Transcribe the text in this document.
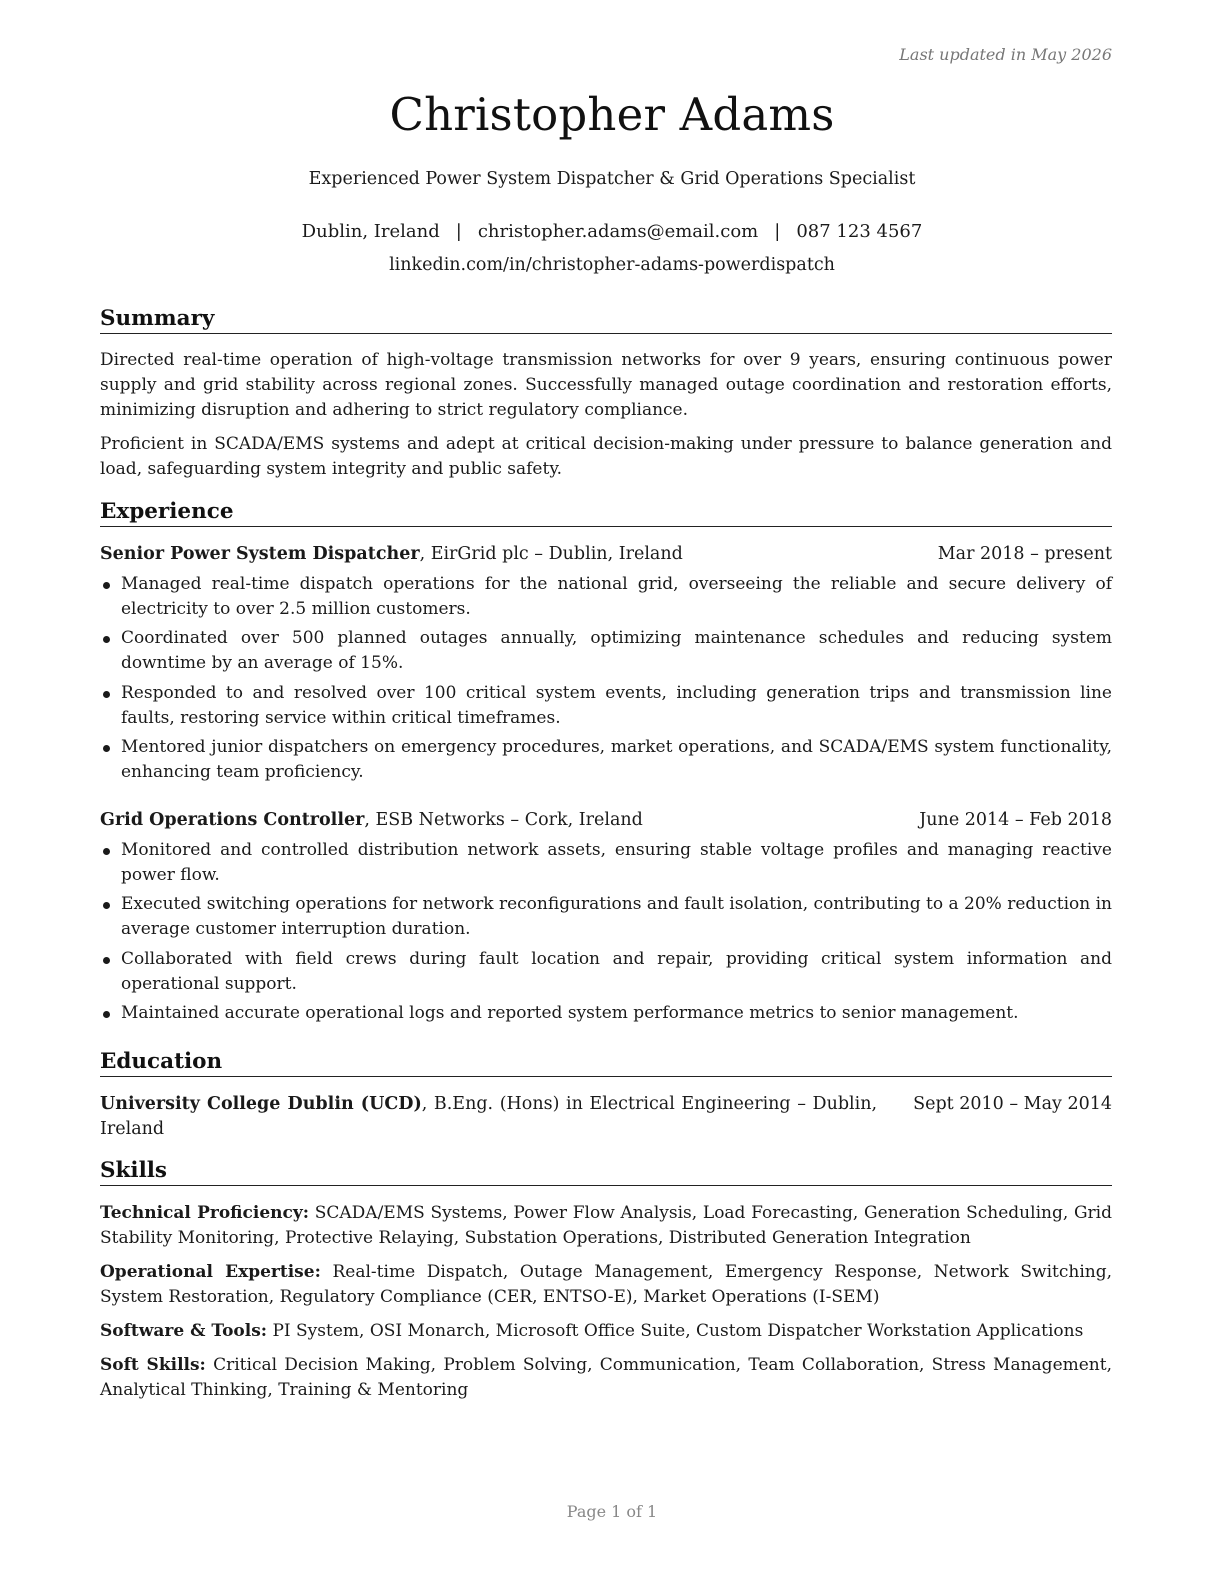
Last updated in May 2026
Christopher Adams
Experienced Power System Dispatcher & Grid Operations Specialist
Dublin, Ireland | christopher.adams@email.com | 087 123 4567
linkedin.com/in/christopher-adams-powerdispatch
Summary

Directed real-time operation of high-voltage transmission networks for over 9 years, ensuring continuous power supply and grid stability across regional zones. Successfully managed outage coordination and restoration efforts, minimizing disruption and adhering to strict regulatory compliance.

Proficient in SCADA/EMS systems and adept at critical decision-making under pressure to balance generation and load, safeguarding system integrity and public safety.

Experience
Senior Power System Dispatcher, EirGrid plc – Dublin, Ireland	Mar 2018 – present
Managed real-time dispatch operations for the national grid, overseeing the reliable and secure delivery of electricity to over 2.5 million customers.
Coordinated over 500 planned outages annually, optimizing maintenance schedules and reducing system downtime by an average of 15%.
Responded to and resolved over 100 critical system events, including generation trips and transmission line faults, restoring service within critical timeframes.
Mentored junior dispatchers on emergency procedures, market operations, and SCADA/EMS system functionality, enhancing team proficiency.
Grid Operations Controller, ESB Networks – Cork, Ireland	June 2014 – Feb 2018
Monitored and controlled distribution network assets, ensuring stable voltage profiles and managing reactive power flow.
Executed switching operations for network reconfigurations and fault isolation, contributing to a 20% reduction in average customer interruption duration.
Collaborated with field crews during fault location and repair, providing critical system information and operational support.
Maintained accurate operational logs and reported system performance metrics to senior management.
Education
University College Dublin (UCD), B.Eng. (Hons) in Electrical Engineering – Dublin, Ireland
Sept 2010 – May 2014
Skills
Technical Proficiency: SCADA/EMS Systems, Power Flow Analysis, Load Forecasting, Generation Scheduling, Grid Stability Monitoring, Protective Relaying, Substation Operations, Distributed Generation Integration
Operational Expertise: Real-time Dispatch, Outage Management, Emergency Response, Network Switching, System Restoration, Regulatory Compliance (CER, ENTSO-E), Market Operations (I-SEM)
Software & Tools: PI System, OSI Monarch, Microsoft Office Suite, Custom Dispatcher Workstation Applications
Soft Skills: Critical Decision Making, Problem Solving, Communication, Team Collaboration, Stress Management, Analytical Thinking, Training & Mentoring
Page 1 of 1
